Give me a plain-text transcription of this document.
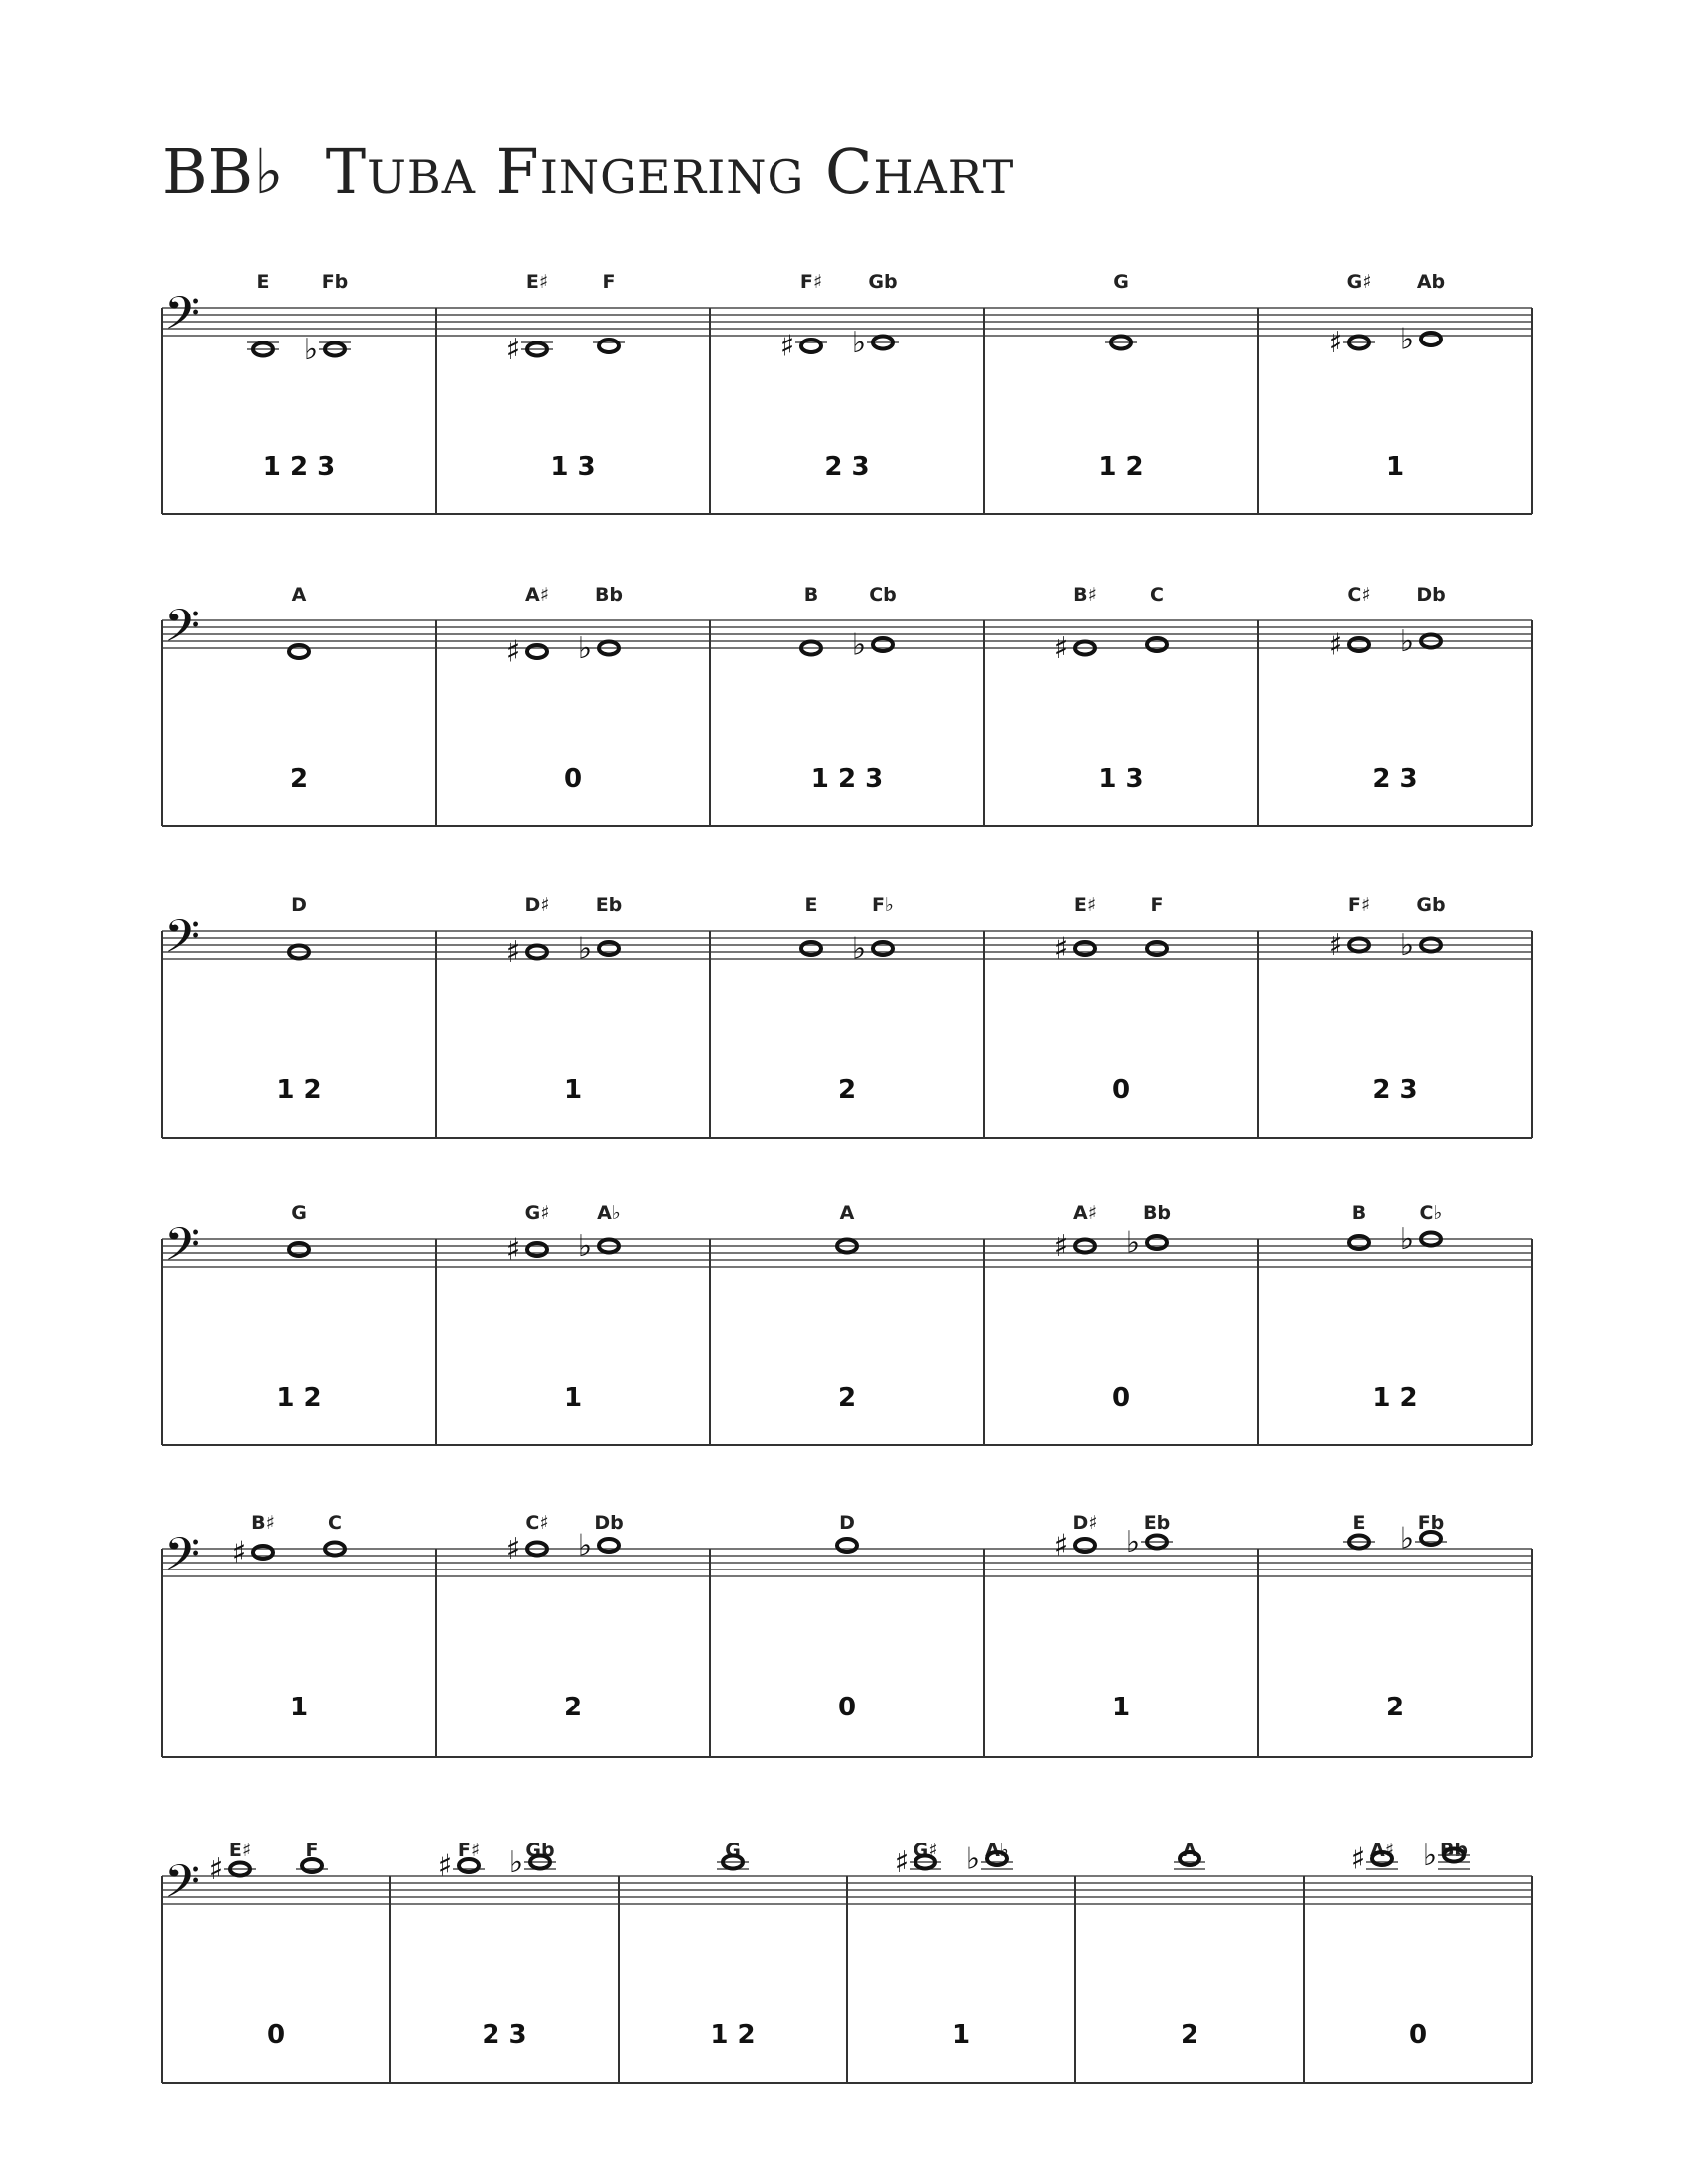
BB♭ TUBA FINGERING CHART
𝄢
E	Fb
♭
1 2 3
E♯	F
♯
1 3
F♯ Gb
♯ ♭
2 3
G
1 2
G♯ Ab
♯ ♭
1
𝄢
A
2
A♯ Bb
♯ ♭
0
B	Cb
♭
1 2 3
B♯	C
♯
1 3
C♯ Db
♯ ♭
2 3
𝄢
D
1 2
D♯ Eb
♯ ♭
1
E	F♭
♭
2
E♯	F
♯
0
F♯ Gb
♯ ♭
2 3
𝄢
G
1 2
G♯	A♭
♯ ♭
1
A
2
A♯ Bb
♯ ♭
0
B	C♭
♭
1 2
𝄢
B♯	C
♯
1
C♯ Db
♯ ♭
2
D
0
D♯ Eb
♯ ♭
1
E	Fb
♭
2
𝄢
E♯	F
♯
0
F♯ Gb
♯ ♭
2 3
G
1 2
G♯	A♭
♯ ♭
1
A
2
A♯ Bb
♯ ♭
0
